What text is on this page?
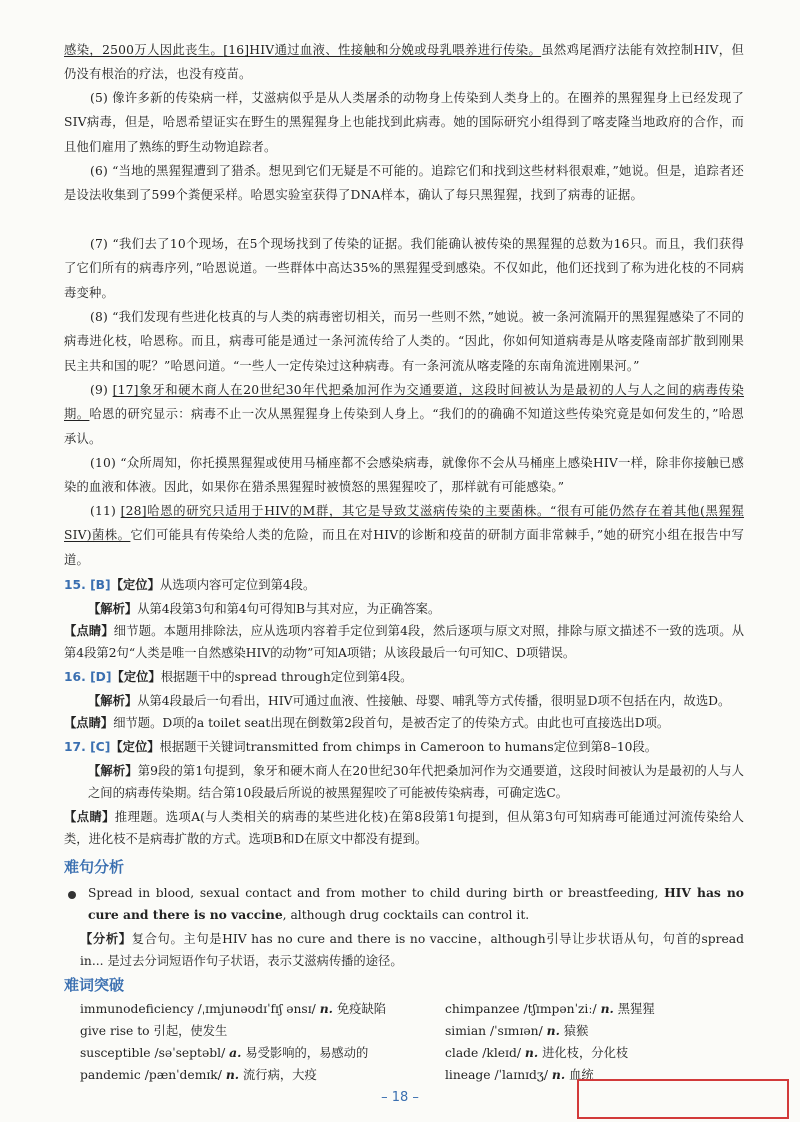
感染，2500万人因此丧生。[16]HIV通过血液、性接触和分娩或母乳喂养进行传染。虽然鸡尾酒疗法能有效控制HIV，但仍没有根治的疗法，也没有疫苗。
(5) 像许多新的传染病一样，艾滋病似乎是从人类屠杀的动物身上传染到人类身上的。在圈养的黑猩猩身上已经发现了SIV病毒，但是，哈恩希望证实在野生的黑猩猩身上也能找到此病毒。她的国际研究小组得到了喀麦隆当地政府的合作，而且他们雇用了熟练的野生动物追踪者。
(6) “当地的黑猩猩遭到了猎杀。想见到它们无疑是不可能的。追踪它们和找到这些材料很艰难，”她说。但是，追踪者还是设法收集到了599个粪便采样。哈恩实验室获得了DNA样本，确认了每只黑猩猩，找到了病毒的证据。
(7) “我们去了10个现场，在5个现场找到了传染的证据。我们能确认被传染的黑猩猩的总数为16只。而且，我们获得了它们所有的病毒序列，”哈恩说道。一些群体中高达35%的黑猩猩受到感染。不仅如此，他们还找到了称为进化枝的不同病毒变种。
(8) “我们发现有些进化枝真的与人类的病毒密切相关，而另一些则不然，”她说。被一条河流隔开的黑猩猩感染了不同的病毒进化枝，哈恩称。而且，病毒可能是通过一条河流传给了人类的。“因此，你如何知道病毒是从喀麦隆南部扩散到刚果民主共和国的呢？”哈恩问道。“一些人一定传染过这种病毒。有一条河流从喀麦隆的东南角流进刚果河。”
(9) [17]象牙和硬木商人在20世纪30年代把桑加河作为交通要道，这段时间被认为是最初的人与人之间的病毒传染期。哈恩的研究显示：病毒不止一次从黑猩猩身上传染到人身上。“我们的的确确不知道这些传染究竟是如何发生的，”哈恩承认。
(10) “众所周知，你托摸黑猩猩或使用马桶座都不会感染病毒，就像你不会从马桶座上感染HIV一样，除非你接触已感染的血液和体液。因此，如果你在猎杀黑猩猩时被愤怒的黑猩猩咬了，那样就有可能感染。”
(11) [28]哈恩的研究只适用于HIV的M群，其它是导致艾滋病传染的主要菌株。“很有可能仍然存在着其他(黑猩猩SIV)菌株。它们可能具有传染给人类的危险，而且在对HIV的诊断和疫苗的研制方面非常棘手，”她的研究小组在报告中写道。
15. [B]【定位】从选项内容可定位到第4段。
【解析】从第4段第3句和第4句可得知B与其对应，为正确答案。
【点睛】细节题。本题用排除法，应从选项内容着手定位到第4段，然后逐项与原文对照，排除与原文描述不一致的选项。从第4段第2句“人类是唯一自然感染HIV的动物”可知A项错；从该段最后一句可知C、D项错误。
16. [D]【定位】根据题干中的spread through定位到第4段。
【解析】从第4段最后一句看出，HIV可通过血液、性接触、母婴、哺乳等方式传播，很明显D项不包括在内，故选D。
【点睛】细节题。D项的a toilet seat出现在倒数第2段首句，是被否定了的传染方式。由此也可直接选出D项。
17. [C]【定位】根据题干关键词transmitted from chimps in Cameroon to humans定位到第8–10段。
【解析】第9段的第1句提到，象牙和硬木商人在20世纪30年代把桑加河作为交通要道，这段时间被认为是最初的人与人之间的病毒传染期。结合第10段最后所说的被黑猩猩咬了可能被传染病毒，可确定选C。
【点睛】推理题。选项A(与人类相关的病毒的某些进化枝)在第8段第1句提到，但从第3句可知病毒可能通过河流传染给人类，进化枝不是病毒扩散的方式。选项B和D在原文中都没有提到。
难句分析
Spread in blood, sexual contact and from mother to child during birth or breastfeeding, HIV has no cure and there is no vaccine, although drug cocktails can control it.
【分析】复合句。主句是HIV has no cure and there is no vaccine，although引导让步状语从句，句首的spread in... 是过去分词短语作句子状语，表示艾滋病传播的途径。
难词突破
immunodeficiency /ˌɪmjunəʊdɪˈfɪʃ ənsɪ/ n. 免疫缺陷
give rise to 引起，使发生
susceptible /səˈseptəbl/ a. 易受影响的，易感动的
chimpanzee /tʃɪmpənˈziː/ n. 黑猩猩
simian /ˈsɪmɪən/ n. 猿猴
clade /kleɪd/ n. 进化枝，分化枝
pandemic /pænˈdemɪk/ n. 流行病，大疫	lineage /ˈlaɪnɪdʒ/ n. 血统
– 18 –
